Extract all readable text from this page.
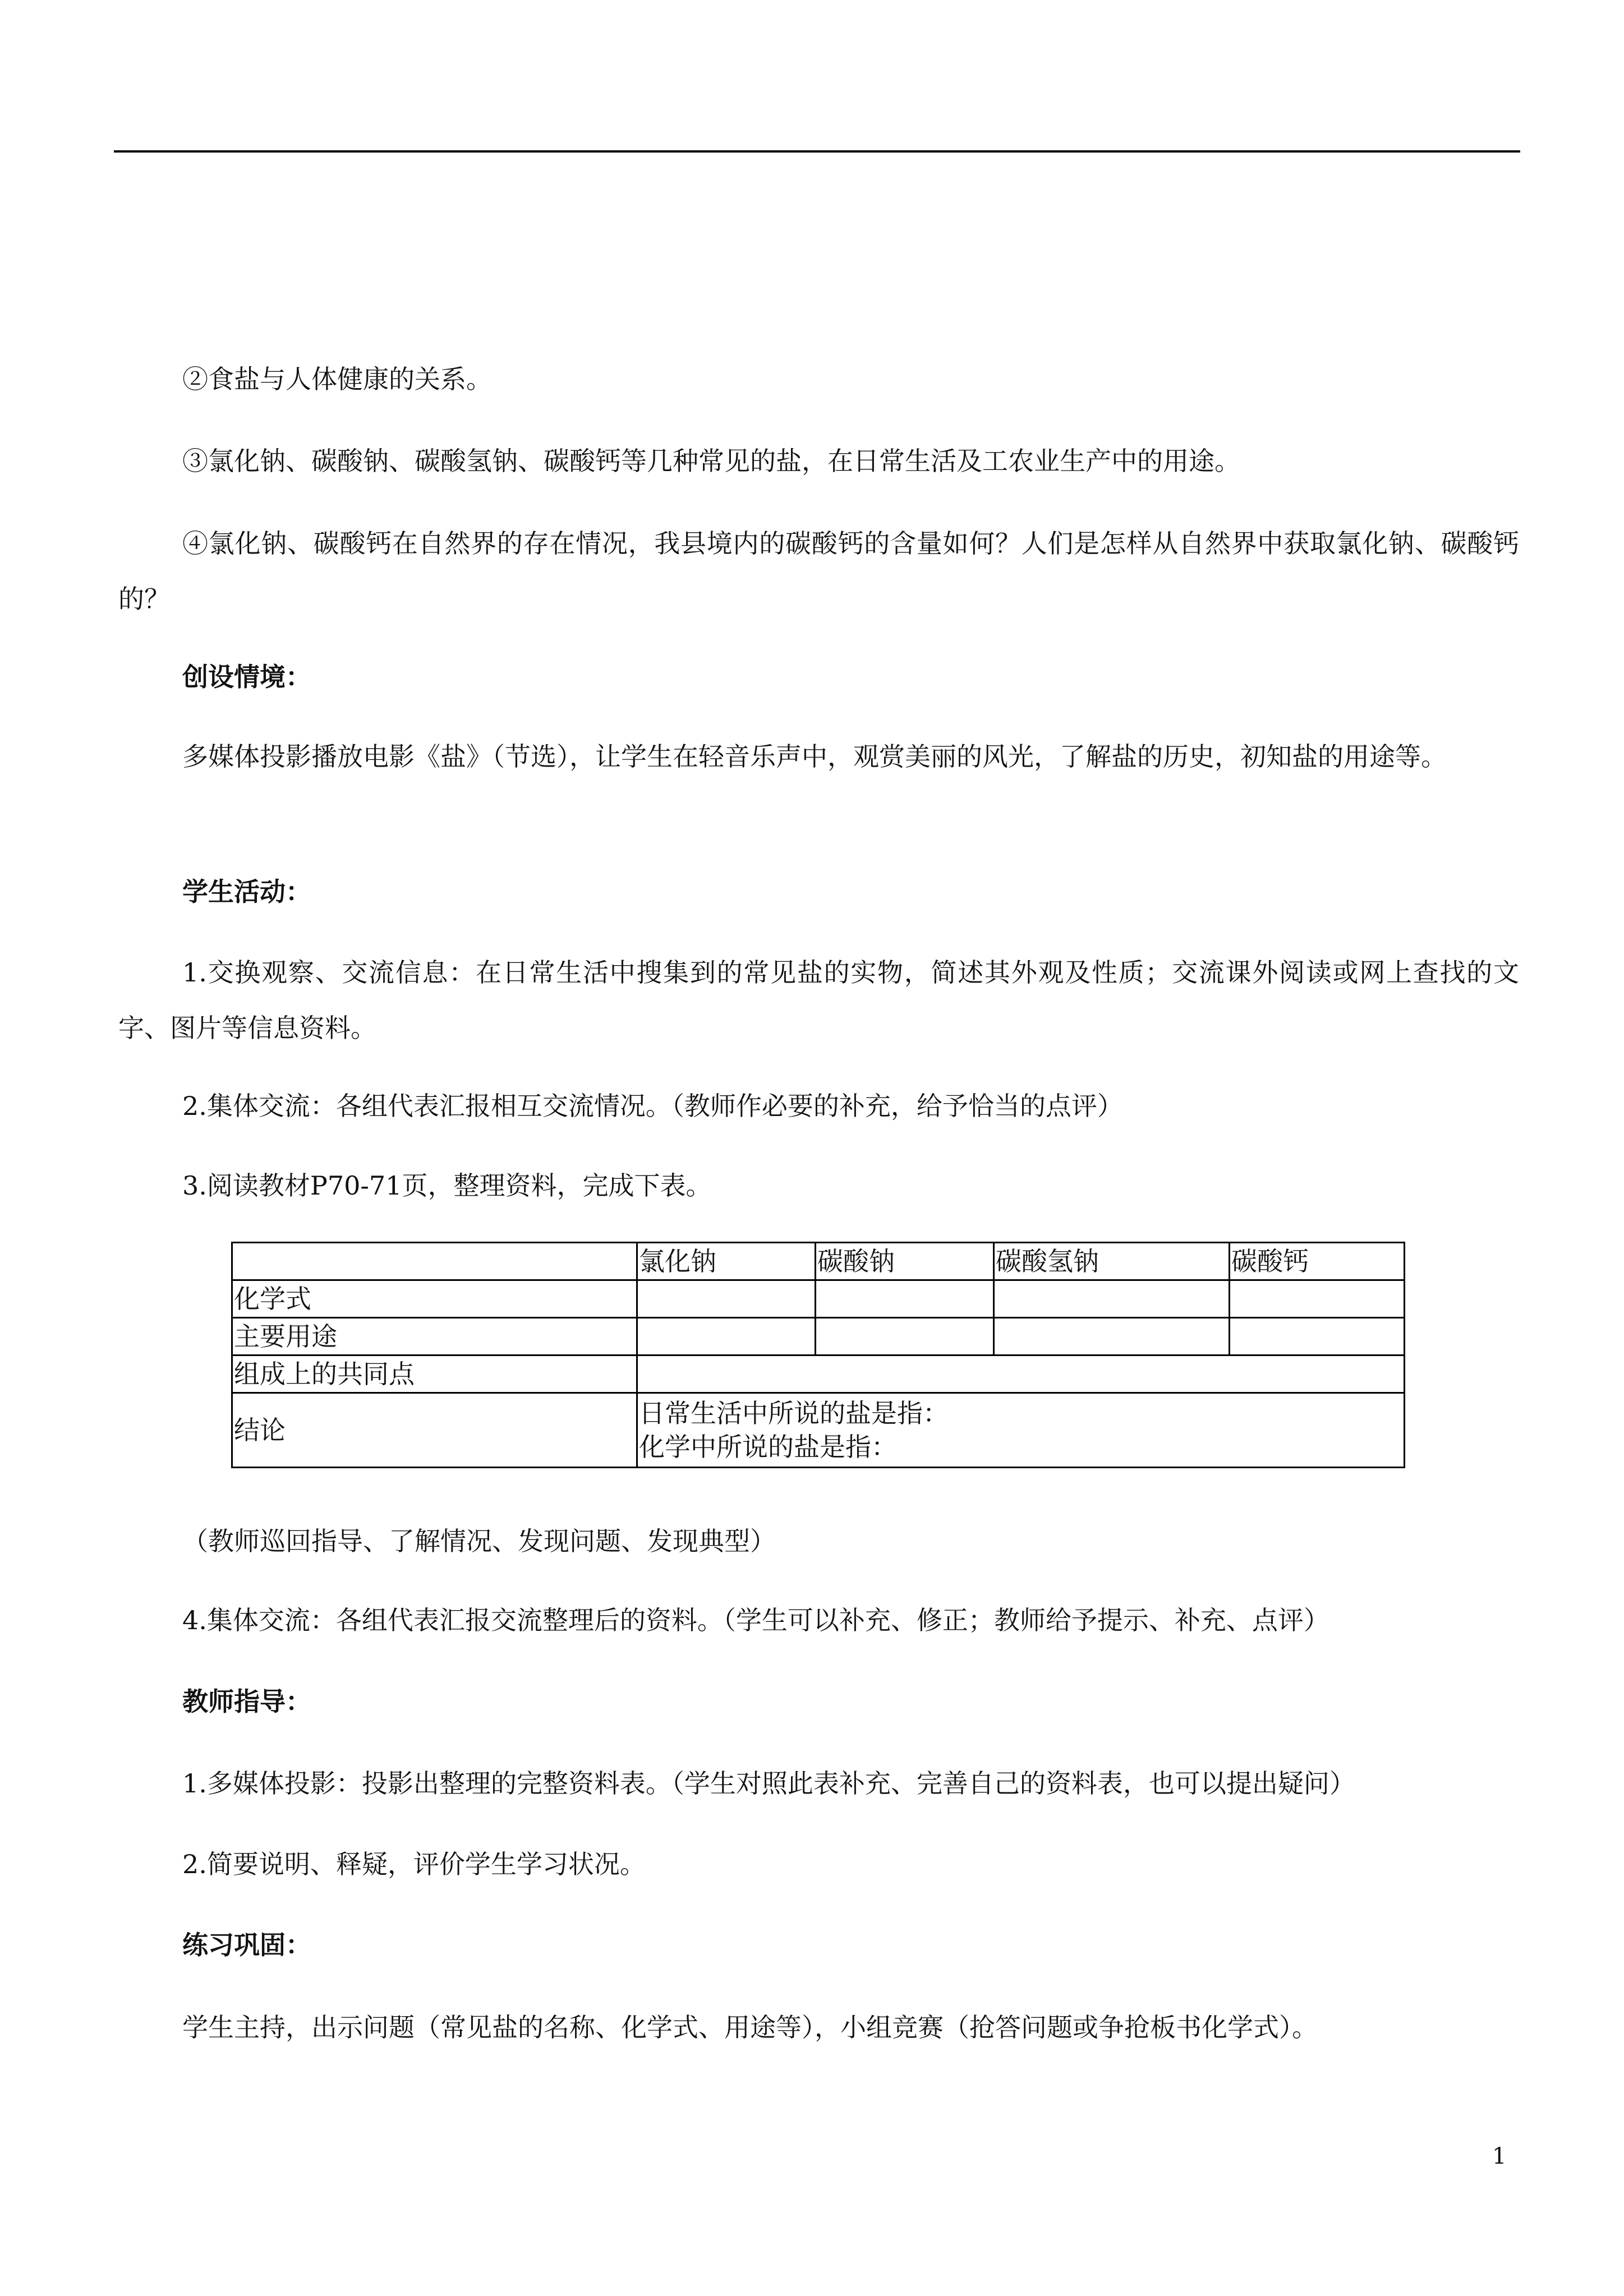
②食盐与人体健康的关系。

③氯化钠、碳酸钠、碳酸氢钠、碳酸钙等几种常见的盐，在日常生活及工农业生产中的用途。

④氯化钠、碳酸钙在自然界的存在情况，我县境内的碳酸钙的含量如何？人们是怎样从自然界中获取氯化钠、碳酸钙的？

创设情境：

多媒体投影播放电影《盐》（节选），让学生在轻音乐声中，观赏美丽的风光，了解盐的历史，初知盐的用途等。

学生活动：

1.交换观察、交流信息：在日常生活中搜集到的常见盐的实物，简述其外观及性质；交流课外阅读或网上查找的文字、图片等信息资料。

2.集体交流：各组代表汇报相互交流情况。（教师作必要的补充，给予恰当的点评）

3.阅读教材P70-71页，整理资料，完成下表。

	氯化钠	碳酸钠	碳酸氢钠	碳酸钙
化学式				
主要用途				
组成上的共同点				
结论	日常生活中所说的盐是指：
化学中所说的盐是指：			

（教师巡回指导、了解情况、发现问题、发现典型）

4.集体交流：各组代表汇报交流整理后的资料。（学生可以补充、修正；教师给予提示、补充、点评）

教师指导：

1.多媒体投影：投影出整理的完整资料表。（学生对照此表补充、完善自己的资料表，也可以提出疑问）

2.简要说明、释疑，评价学生学习状况。

练习巩固：

学生主持，出示问题（常见盐的名称、化学式、用途等），小组竞赛（抢答问题或争抢板书化学式）。

1
